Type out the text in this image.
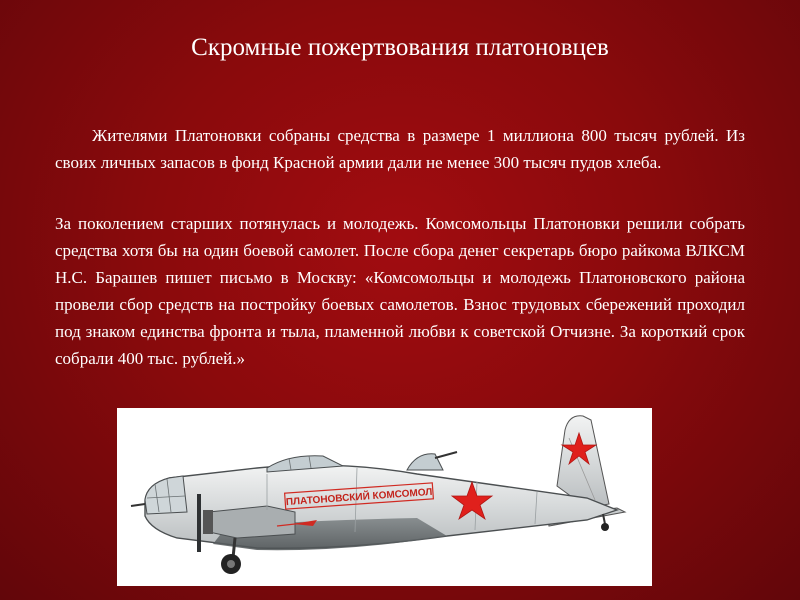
Скромные пожертвования платоновцев

Жителями Платоновки собраны средства в размере 1 миллиона 800 тысяч рублей. Из своих личных запасов в фонд Красной армии дали не менее 300 тысяч пудов хлеба.

За поколением старших потянулась и молодежь. Комсомольцы Платоновки решили собрать средства хотя бы на один боевой самолет. После сбора денег секретарь бюро райкома ВЛКСМ Н.С. Барашев пишет письмо в Москву: «Комсомольцы и молодежь Платоновского района провели сбор средств на постройку боевых самолетов. Взнос трудовых сбережений проходил под знаком единства фронта и тыла, пламенной любви к советской Отчизне. За короткий срок собрали 400 тыс. рублей.»

ПЛАТОНОВСКИЙ КОМСОМОЛ
